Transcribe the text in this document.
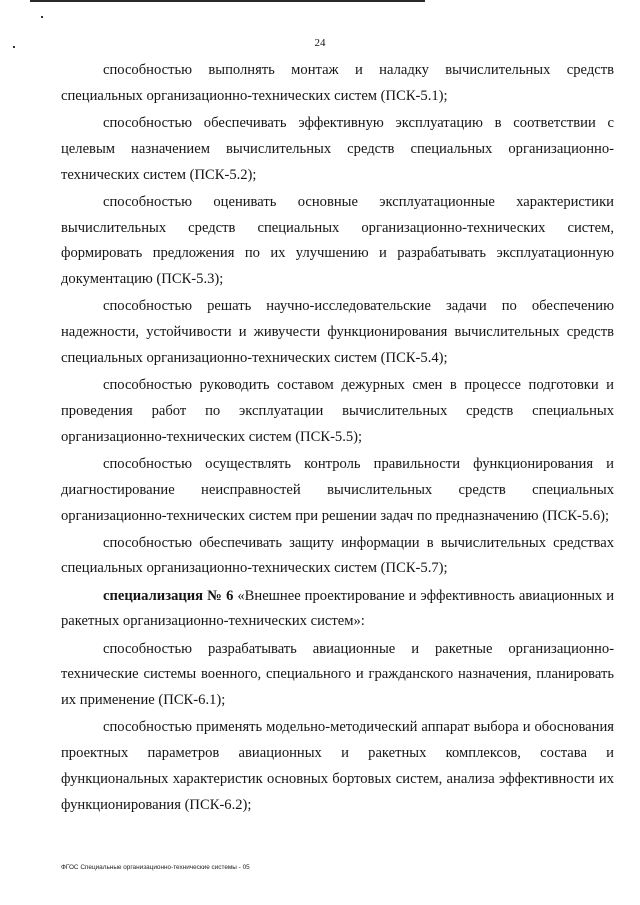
24

способностью выполнять монтаж и наладку вычислительных средств специальных организационно-технических систем (ПСК-5.1);

способностью обеспечивать эффективную эксплуатацию в соответствии с целевым назначением вычислительных средств специальных организационно-технических систем (ПСК-5.2);

способностью оценивать основные эксплуатационные характеристики вычислительных средств специальных организационно-технических систем, формировать предложения по их улучшению и разрабатывать эксплуатационную документацию (ПСК-5.3);

способностью решать научно-исследовательские задачи по обеспечению надежности, устойчивости и живучести функционирования вычислительных средств специальных организационно-технических систем (ПСК-5.4);

способностью руководить составом дежурных смен в процессе подготовки и проведения работ по эксплуатации вычислительных средств специальных организационно-технических систем (ПСК-5.5);

способностью осуществлять контроль правильности функционирования и диагностирование неисправностей вычислительных средств специальных организационно-технических систем при решении задач по предназначению (ПСК-5.6);

способностью обеспечивать защиту информации в вычислительных средствах специальных организационно-технических систем (ПСК-5.7);

специализация № 6 «Внешнее проектирование и эффективность авиационных и ракетных организационно-технических систем»:

способностью разрабатывать авиационные и ракетные организационно-технические системы военного, специального и гражданского назначения, планировать их применение (ПСК-6.1);

способностью применять модельно-методический аппарат выбора и обоснования проектных параметров авиационных и ракетных комплексов, состава и функциональных характеристик основных бортовых систем, анализа эффективности их функционирования (ПСК-6.2);

ФГОС Специальные организационно-технические системы - 05
